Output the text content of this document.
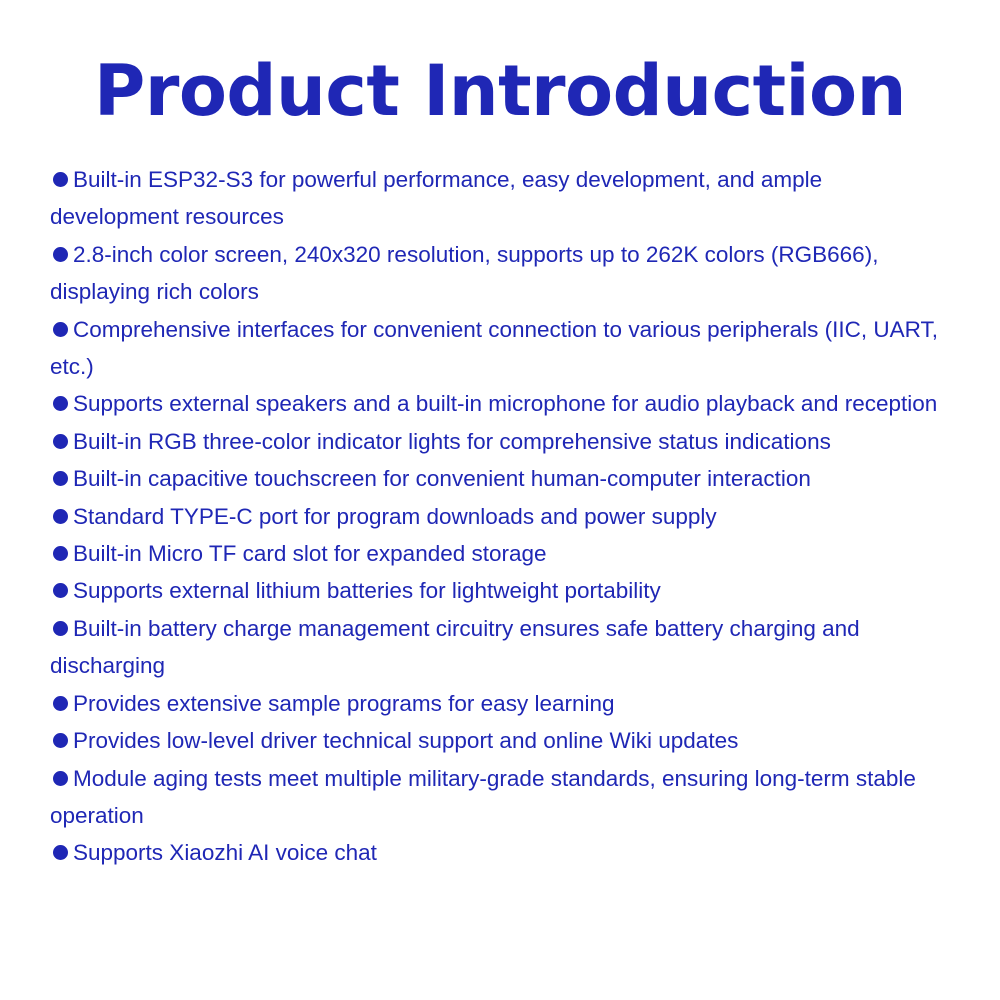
Product Introduction
Built-in ESP32-S3 for powerful performance, easy development, and ample development resources
2.8-inch color screen, 240x320 resolution, supports up to 262K colors (RGB666), displaying rich colors
Comprehensive interfaces for convenient connection to various peripherals (IIC, UART, etc.)
Supports external speakers and a built-in microphone for audio playback and reception
Built-in RGB three-color indicator lights for comprehensive status indications
Built-in capacitive touchscreen for convenient human-computer interaction
Standard TYPE-C port for program downloads and power supply
Built-in Micro TF card slot for expanded storage
Supports external lithium batteries for lightweight portability
Built-in battery charge management circuitry ensures safe battery charging and discharging
Provides extensive sample programs for easy learning
Provides low-level driver technical support and online Wiki updates
Module aging tests meet multiple military-grade standards, ensuring long-term stable operation
Supports Xiaozhi AI voice chat
